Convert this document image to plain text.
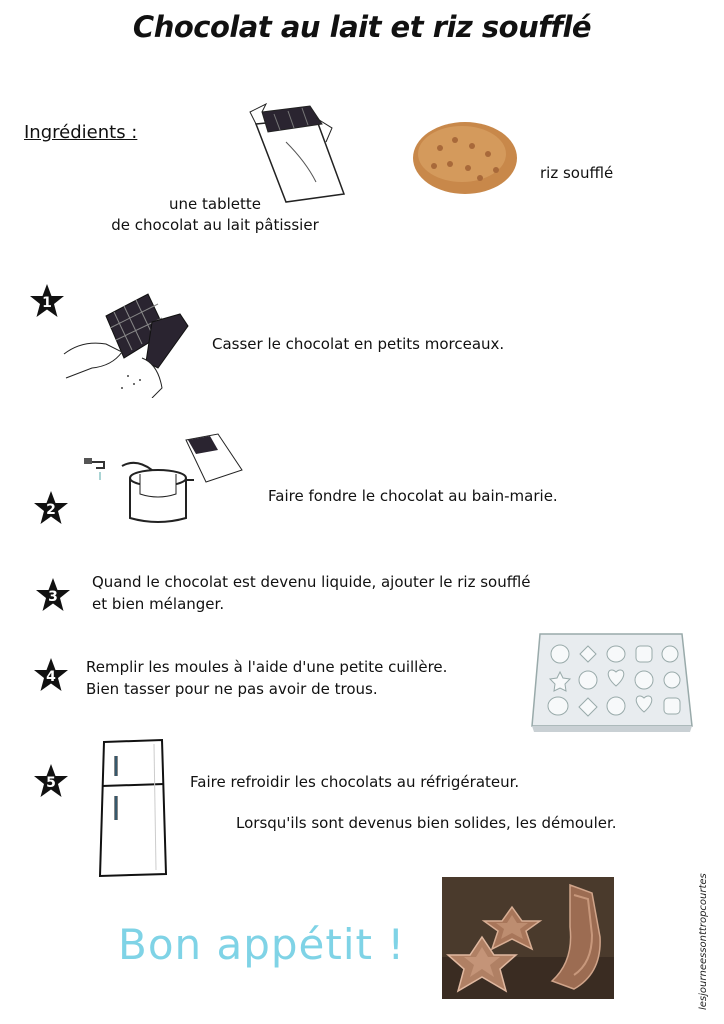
Chocolat au lait et riz soufflé
Ingrédients :
une tablette
de chocolat au lait pâtissier
riz soufflé
1
Casser le chocolat en petits morceaux.
2
Faire fondre le chocolat au bain-marie.
3
Quand le chocolat est devenu liquide, ajouter le riz soufflé
et bien mélanger.
4
Remplir les moules à l'aide d'une petite cuillère.
Bien tasser pour ne pas avoir de trous.
5	Faire refroidir les chocolats au réfrigérateur.
Lorsqu'ils sont devenus bien solides, les démouler.
Bon appétit !	lesjourneessonttropcourtes
